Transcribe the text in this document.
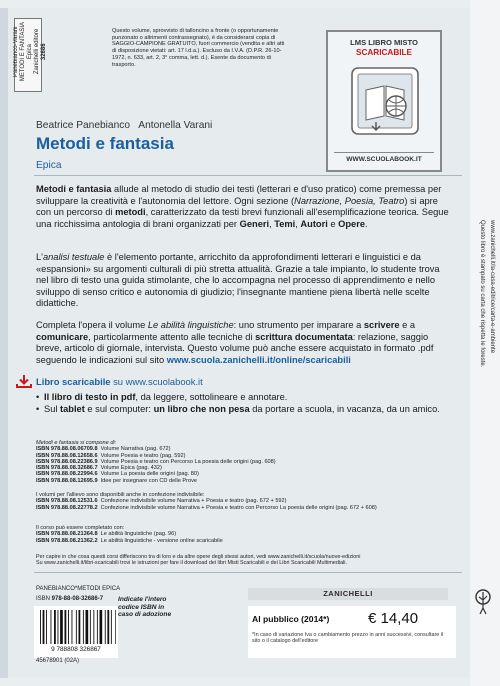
Panebianco-Varani
METODI E FANTASIA
Epica
Zanichelli editore
32686
Questo volume, sprovvisto di talloncino a fronte (o opportunamente punzonato o altrimenti contrassegnato), è da considerarsi copia di SAGGIO-CAMPIONE GRATUITO, fuori commercio (vendita e altri atti di disposizione vietati: art. 17 l.d.a.). Escluso da I.V.A. (D.P.R. 26-10-1972, n. 633, art. 2, 3° comma, lett. d.). Esente da documento di trasporto.
LMS LIBRO MISTO
SCARICABILE
WWW.SCUOLABOOK.IT
Beatrice Panebianco Antonella Varani
Metodi e fantasia
Epica
Metodi e fantasia allude al metodo di studio dei testi (letterari e d'uso pratico) come premessa per sviluppare la creatività e l'autonomia del lettore. Ogni sezione (Narrazione, Poesia, Teatro) si apre con un percorso di metodi, caratterizzato da testi brevi funzionali all'esemplificazione teorica. Segue una ricchissima antologia di brani organizzati per Generi, Temi, Autori e Opere.
L'analisi testuale è l'elemento portante, arricchito da approfondimenti letterari e linguistici e da «espansioni» su argomenti culturali di più stretta attualità. Grazie a tale impianto, lo studente trova nel libro di testo una guida stimolante, che lo accompagna nel processo di apprendimento e nello sviluppo di senso critico e autonomia di giudizio; l'insegnante mantiene piena libertà nelle scelte didattiche.
Completa l'opera il volume Le abilità linguistiche: uno strumento per imparare a scrivere e a comunicare, particolarmente attento alle tecniche di scrittura documentata: relazione, saggio breve, articolo di giornale, intervista. Questo volume può anche essere acquistato in formato .pdf seguendo le indicazioni sul sito www.scuola.zanichelli.it/online/scaricabili
Libro scaricabile su www.scuolabook.it
• Il libro di testo in pdf, da leggere, sottolineare e annotare.
• Sul tablet e sul computer: un libro che non pesa da portare a scuola, in vacanza, da un amico.
Metodi e fantasia si compone di:
ISBN 978.88.08.06709.8 Volume Narrativa (pag. 672)
ISBN 978.88.08.12658.6 Volume Poesia e teatro (pag. 592)
ISBN 978.88.08.22386.9 Volume Poesia e teatro con Percorso La poesia delle origini (pag. 608)
ISBN 978.88.08.32686.7 Volume Epica (pag. 432)
ISBN 978.88.08.22994.6 Volume La poesia delle origini (pag. 80)
ISBN 978.88.08.12695.9 Idee per insegnare con CD delle Prove
I volumi per l'allievo sono disponibili anche in confezione indivisibile:
ISBN 978.88.08.12531.6 Confezione indivisibile volume Narrativa + Poesia e teatro (pag. 672 + 592)
ISBN 978.88.08.22778.2 Confezione indivisibile volume Narrativa + Poesia e teatro con Percorso La poesia delle origini (pag. 672 + 608)
Il corso può essere completato con:
ISBN 978.88.08.21364.8 Le abilità linguistiche (pag. 96)
ISBN 978.88.08.21362.2 Le abilità linguistiche - versione online scaricabile
Per capire in che cosa questi corsi differiscono tra di loro e da altre opere degli stessi autori, vedi www.zanichelli.it/scuola/nuove-edizioni
Su www.zanichelli.it/libri-scaricabili trovi le istruzioni per fare il download dei libri Misti Scaricabili e dei Libri Scaricabili Multimediali.
PANEBIANCO*METODI EPICA
ISBN 978-88-08-32686-7 Indicate l'intero codice ISBN in caso di adozione
9 788808 326867
45678901 (02A)
ZANICHELLI
Al pubblico (2014*)	€ 14,40
*In caso di variazione Iva o cambiamento prezzo in anni successivi, consultare il sito o il catalogo dell'editore
Questo libro è stampato su carta che rispetta le foreste. www.zanichelli.it/la-casa-editrice/carta-e-ambiente
